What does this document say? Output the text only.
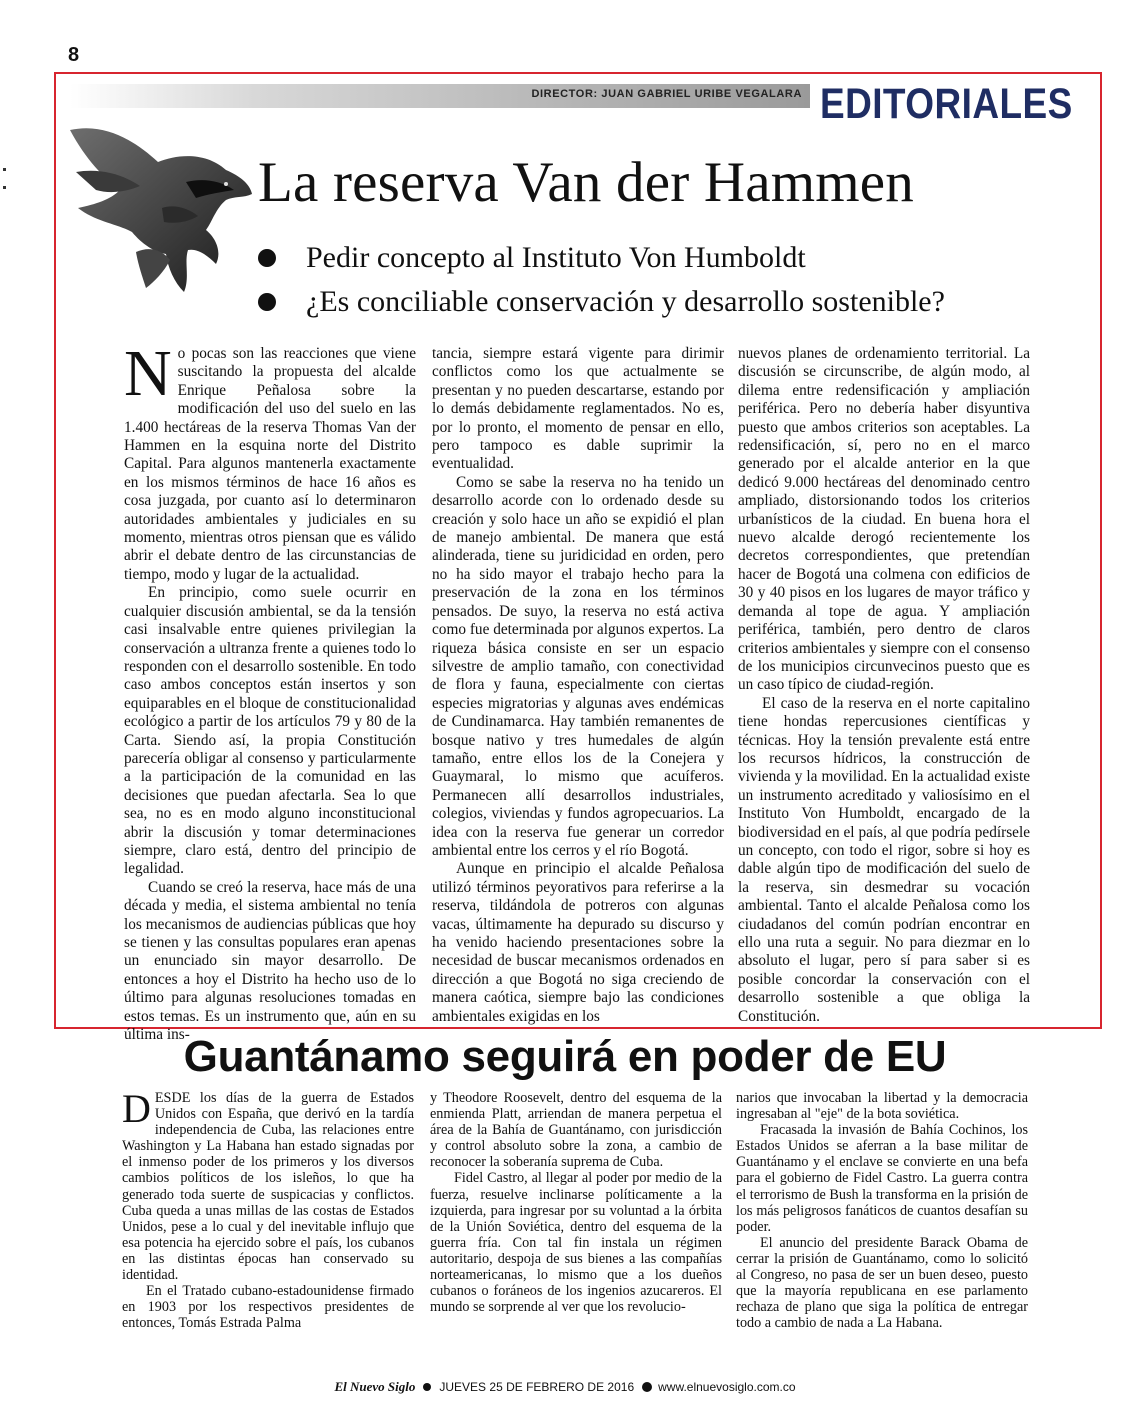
8
DIRECTOR: JUAN GABRIEL URIBE VEGALARA EDITORIALES
La reserva Van der Hammen
Pedir concepto al Instituto Von Humboldt
¿Es conciliable conservación y desarrollo sostenible?

No pocas son las reacciones que viene suscitando la propuesta del alcalde Enrique Peñalosa sobre la modificación del uso del suelo en las 1.400 hectáreas de la reserva Thomas Van der Hammen en la esquina norte del Distrito Capital. Para algunos mantenerla exactamente en los mismos términos de hace 16 años es cosa juzgada, por cuanto así lo determinaron autoridades ambientales y judiciales en su momento, mientras otros piensan que es válido abrir el debate dentro de las circunstancias de tiempo, modo y lugar de la actualidad.

En principio, como suele ocurrir en cualquier discusión ambiental, se da la tensión casi insalvable entre quienes privilegian la conservación a ultranza frente a quienes todo lo responden con el desarrollo sostenible. En todo caso ambos conceptos están insertos y son equiparables en el bloque de constitucionalidad ecológico a partir de los artículos 79 y 80 de la Carta. Siendo así, la propia Constitución parecería obligar al consenso y particularmente a la participación de la comunidad en las decisiones que puedan afectarla. Sea lo que sea, no es en modo alguno inconstitucional abrir la discusión y tomar determinaciones siempre, claro está, dentro del principio de legalidad.

Cuando se creó la reserva, hace más de una década y media, el sistema ambiental no tenía los mecanismos de audiencias públicas que hoy se tienen y las consultas populares eran apenas un enunciado sin mayor desarrollo. De entonces a hoy el Distrito ha hecho uso de lo último para algunas resoluciones tomadas en estos temas. Es un instrumento que, aún en su última ins-

tancia, siempre estará vigente para dirimir conflictos como los que actualmente se presentan y no pueden descartarse, estando por lo demás debidamente reglamentados. No es, por lo pronto, el momento de pensar en ello, pero tampoco es dable suprimir la eventualidad.

Como se sabe la reserva no ha tenido un desarrollo acorde con lo ordenado desde su creación y solo hace un año se expidió el plan de manejo ambiental. De manera que está alinderada, tiene su juridicidad en orden, pero no ha sido mayor el trabajo hecho para la preservación de la zona en los términos pensados. De suyo, la reserva no está activa como fue determinada por algunos expertos. La riqueza básica consiste en ser un espacio silvestre de amplio tamaño, con conectividad de flora y fauna, especialmente con ciertas especies migratorias y algunas aves endémicas de Cundinamarca. Hay también remanentes de bosque nativo y tres humedales de algún tamaño, entre ellos los de la Conejera y Guaymaral, lo mismo que acuíferos. Permanecen allí desarrollos industriales, colegios, viviendas y fundos agropecuarios. La idea con la reserva fue generar un corredor ambiental entre los cerros y el río Bogotá.

Aunque en principio el alcalde Peñalosa utilizó términos peyorativos para referirse a la reserva, tildándola de potreros con algunas vacas, últimamente ha depurado su discurso y ha venido haciendo presentaciones sobre la necesidad de buscar mecanismos ordenados en dirección a que Bogotá no siga creciendo de manera caótica, siempre bajo las condiciones ambientales exigidas en los

nuevos planes de ordenamiento territorial. La discusión se circunscribe, de algún modo, al dilema entre redensificación y ampliación periférica. Pero no debería haber disyuntiva puesto que ambos criterios son aceptables. La redensificación, sí, pero no en el marco generado por el alcalde anterior en la que dedicó 9.000 hectáreas del denominado centro ampliado, distorsionando todos los criterios urbanísticos de la ciudad. En buena hora el nuevo alcalde derogó recientemente los decretos correspondientes, que pretendían hacer de Bogotá una colmena con edificios de 30 y 40 pisos en los lugares de mayor tráfico y demanda al tope de agua. Y ampliación periférica, también, pero dentro de claros criterios ambientales y siempre con el consenso de los municipios circunvecinos puesto que es un caso típico de ciudad-región.

El caso de la reserva en el norte capitalino tiene hondas repercusiones científicas y técnicas. Hoy la tensión prevalente está entre los recursos hídricos, la construcción de vivienda y la movilidad. En la actualidad existe un instrumento acreditado y valiosísimo en el Instituto Von Humboldt, encargado de la biodiversidad en el país, al que podría pedírsele un concepto, con todo el rigor, sobre si hoy es dable algún tipo de modificación del suelo de la reserva, sin desmedrar su vocación ambiental. Tanto el alcalde Peñalosa como los ciudadanos del común podrían encontrar en ello una ruta a seguir. No para diezmar en lo absoluto el lugar, pero sí para saber si es posible concordar la conservación con el desarrollo sostenible a que obliga la Constitución.

Guantánamo seguirá en poder de EU

DESDE los días de la guerra de Estados Unidos con España, que derivó en la tardía independencia de Cuba, las relaciones entre Washington y La Habana han estado signadas por el inmenso poder de los primeros y los diversos cambios políticos de los isleños, lo que ha generado toda suerte de suspicacias y conflictos. Cuba queda a unas millas de las costas de Estados Unidos, pese a lo cual y del inevitable influjo que esa potencia ha ejercido sobre el país, los cubanos en las distintas épocas han conservado su identidad.

En el Tratado cubano-estadounidense firmado en 1903 por los respectivos presidentes de entonces, Tomás Estrada Palma

y Theodore Roosevelt, dentro del esquema de la enmienda Platt, arriendan de manera perpetua el área de la Bahía de Guantánamo, con jurisdicción y control absoluto sobre la zona, a cambio de reconocer la soberanía suprema de Cuba.

Fidel Castro, al llegar al poder por medio de la fuerza, resuelve inclinarse políticamente a la izquierda, para ingresar por su voluntad a la órbita de la Unión Soviética, dentro del esquema de la guerra fría. Con tal fin instala un régimen autoritario, despoja de sus bienes a las compañías norteamericanas, lo mismo que a los dueños cubanos o foráneos de los ingenios azucareros. El mundo se sorprende al ver que los revolucio-

narios que invocaban la libertad y la democracia ingresaban al "eje" de la bota soviética.

Fracasada la invasión de Bahía Cochinos, los Estados Unidos se aferran a la base militar de Guantánamo y el enclave se convierte en una befa para el gobierno de Fidel Castro. La guerra contra el terrorismo de Bush la transforma en la prisión de los más peligrosos fanáticos de cuantos desafían su poder.

El anuncio del presidente Barack Obama de cerrar la prisión de Guantánamo, como lo solicitó al Congreso, no pasa de ser un buen deseo, puesto que la mayoría republicana en ese parlamento rechaza de plano que siga la política de entregar todo a cambio de nada a La Habana.

El Nuevo Siglo JUEVES 25 DE FEBRERO DE 2016 www.elnuevosiglo.com.co
